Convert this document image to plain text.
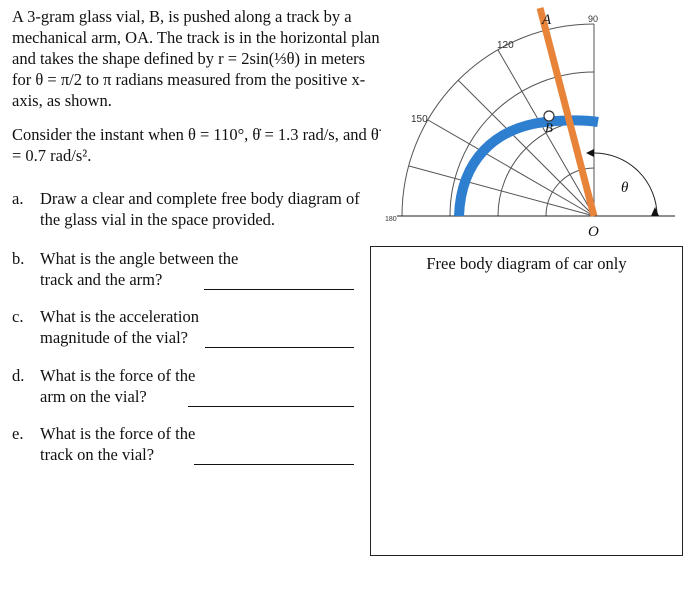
A 3-gram glass vial, B, is pushed along a track by a mechanical arm, OA. The track is in the horizontal plan and takes the shape defined by r = 2sin(⅓θ) in meters for θ = π/2 to π radians measured from the positive x-axis, as shown.

Consider the instant when θ = 110°, θ̇ = 1.3 rad/s, and θ̈ = 0.7 rad/s².

a.	Draw a clear and complete free body diagram of the glass vial in the space provided.
b. What is the angle between the track and the arm?
c.	What is the acceleration magnitude of the vial?
d. What is the force of the arm on the vial?
e.	What is the force of the track on the vial?
120
150
180
90
A
B
O
θ
Free body diagram of car only
